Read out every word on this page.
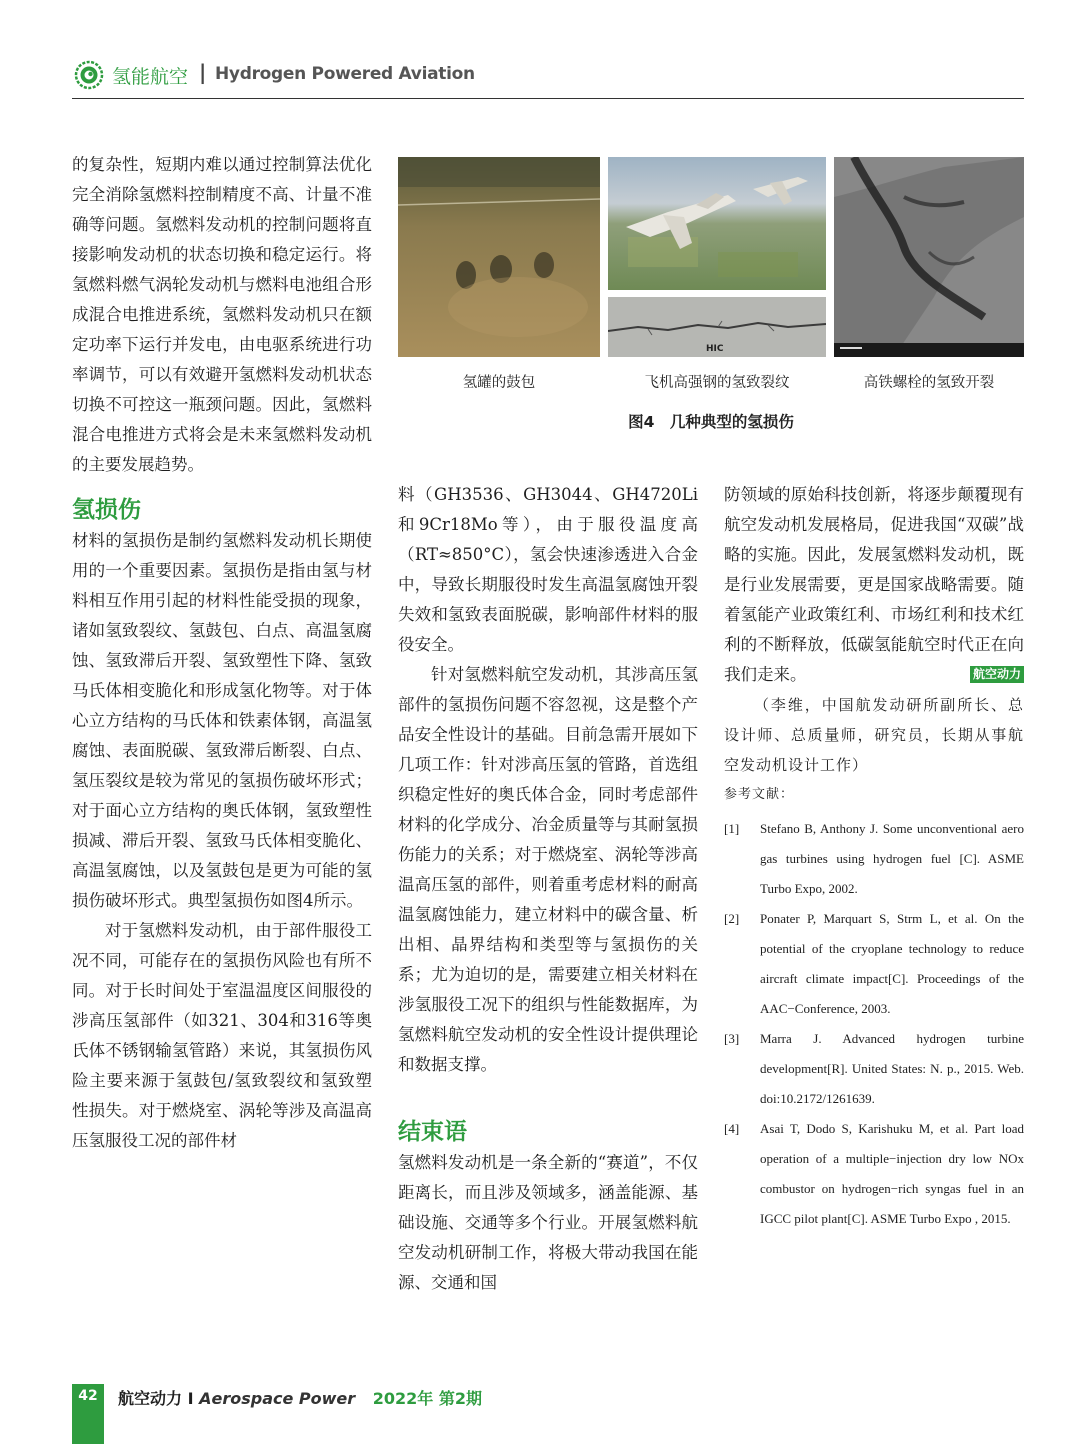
氢能航空 | Hydrogen Powered Aviation

的复杂性，短期内难以通过控制算法优化完全消除氢燃料控制精度不高、计量不准确等问题。氢燃料发动机的控制问题将直接影响发动机的状态切换和稳定运行。将氢燃料燃气涡轮发动机与燃料电池组合形成混合电推进系统，氢燃料发动机只在额定功率下运行并发电，由电驱系统进行功率调节，可以有效避开氢燃料发动机状态切换不可控这一瓶颈问题。因此，氢燃料混合电推进方式将会是未来氢燃料发动机的主要发展趋势。

氢损伤

材料的氢损伤是制约氢燃料发动机长期使用的一个重要因素。氢损伤是指由氢与材料相互作用引起的材料性能受损的现象，诸如氢致裂纹、氢鼓包、白点、高温氢腐蚀、氢致滞后开裂、氢致塑性下降、氢致马氏体相变脆化和形成氢化物等。对于体心立方结构的马氏体和铁素体钢，高温氢腐蚀、表面脱碳、氢致滞后断裂、白点、氢压裂纹是较为常见的氢损伤破坏形式；对于面心立方结构的奥氏体钢，氢致塑性损减、滞后开裂、氢致马氏体相变脆化、高温氢腐蚀，以及氢鼓包是更为可能的氢损伤破坏形式。典型氢损伤如图4所示。

对于氢燃料发动机，由于部件服役工况不同，可能存在的氢损伤风险也有所不同。对于长时间处于室温温度区间服役的涉高压氢部件（如321、304和316等奥氏体不锈钢输氢管路）来说，其氢损伤风险主要来源于氢鼓包/氢致裂纹和氢致塑性损失。对于燃烧室、涡轮等涉及高温高压氢服役工况的部件材

HIC
氢罐的鼓包	飞机高强钢的氢致裂纹	高铁螺栓的氢致开裂
图4　几种典型的氢损伤

料（GH3536、GH3044、GH4720Li和9Cr18Mo等），由于服役温度高（RT≈850°C），氢会快速渗透进入合金中，导致长期服役时发生高温氢腐蚀开裂失效和氢致表面脱碳，影响部件材料的服役安全。

针对氢燃料航空发动机，其涉高压氢部件的氢损伤问题不容忽视，这是整个产品安全性设计的基础。目前急需开展如下几项工作：针对涉高压氢的管路，首选组织稳定性好的奥氏体合金，同时考虑部件材料的化学成分、冶金质量等与其耐氢损伤能力的关系；对于燃烧室、涡轮等涉高温高压氢的部件，则着重考虑材料的耐高温氢腐蚀能力，建立材料中的碳含量、析出相、晶界结构和类型等与氢损伤的关系；尤为迫切的是，需要建立相关材料在涉氢服役工况下的组织与性能数据库，为氢燃料航空发动机的安全性设计提供理论和数据支撑。

结束语

氢燃料发动机是一条全新的“赛道”，不仅距离长，而且涉及领域多，涵盖能源、基础设施、交通等多个行业。开展氢燃料航空发动机研制工作，将极大带动我国在能源、交通和国

防领域的原始科技创新，将逐步颠覆现有航空发动机发展格局，促进我国“双碳”战略的实施。因此，发展氢燃料发动机，既是行业发展需要，更是国家战略需要。随着氢能产业政策红利、市场红利和技术红利的不断释放，低碳氢能航空时代正在向我们走来。	航空动力

（李维，中国航发动研所副所长、总设计师、总质量师，研究员，长期从事航空发动机设计工作）

参考文献：

[1]	Stefano B, Anthony J. Some unconventional aero gas turbines using hydrogen fuel [C]. ASME Turbo Expo, 2002.
[2]	Ponater P, Marquart S, Strm L, et al. On the potential of the cryoplane technology to reduce aircraft climate impact[C]. Proceedings of the AAC−Conference, 2003.
[3]	Marra J. Advanced hydrogen turbine development[R]. United States: N. p., 2015. Web. doi:10.2172/1261639.
[4]	Asai T, Dodo S, Karishuku M, et al. Part load operation of a multiple−injection dry low NOx combustor on hydrogen−rich syngas fuel in an IGCC pilot plant[C]. ASME Turbo Expo , 2015.
42	航空动力 I Aerospace Power 2022年 第2期
